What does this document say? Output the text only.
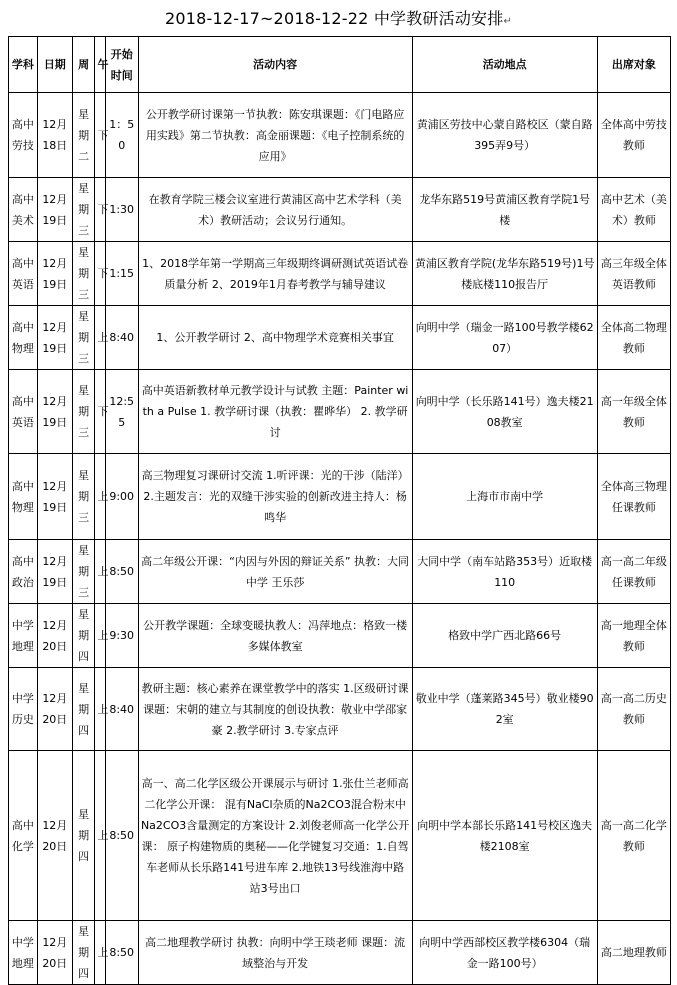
2018-12-17~2018-12-22 中学教研活动安排↵
学科	日期	周	午	开始时间	活动内容	活动地点	出席对象
高中劳技	12月18日	星期二	下	1：50	公开教学研讨课第一节执教：陈安琪课题：《门电路应用实践》第二节执教：高金丽课题：《电子控制系统的应用》	黄浦区劳技中心蒙自路校区（蒙自路395弄9号）	全体高中劳技教师
高中美术	12月19日	星期三	下	1:30	在教育学院三楼会议室进行黄浦区高中艺术学科（美术）教研活动；会议另行通知。	龙华东路519号黄浦区教育学院1号楼	高中艺术（美术）教师
高中英语	12月19日	星期三	下	1:15	1、2018学年第一学期高三年级期终调研测试英语试卷质量分析 2、2019年1月春考教学与辅导建议	黄浦区教育学院(龙华东路519号)1号楼底楼110报告厅	高三年级全体英语教师
高中物理	12月19日	星期三	上	8:40	1、公开教学研讨 2、高中物理学术竞赛相关事宜	向明中学（瑞金一路100号教学楼6207）	全体高二物理教师
高中英语	12月19日	星期三	下	12:55	高中英语新教材单元教学设计与试教 主题：Painter with a Pulse 1. 教学研讨课（执教：瞿晔华） 2. 教学研讨	向明中学（长乐路141号）逸夫楼2108教室	高一年级全体教师
高中物理	12月19日	星期三	上	9:00	高三物理复习课研讨交流 1.听评课：光的干涉（陆洋） 2.主题发言：光的双缝干涉实验的创新改进主持人：杨鸣华	上海市市南中学	全体高三物理任课教师
高中政治	12月19日	星期三	上	8:50	高二年级公开课：“内因与外因的辩证关系” 执教：大同中学 王乐莎	大同中学（南车站路353号）近取楼110	高一高二年级任课教师
中学地理	12月20日	星期四	上	9:30	公开教学课题：全球变暖执教人：冯萍地点：格致一楼多媒体教室	格致中学广西北路66号	高一地理全体教师
中学历史	12月20日	星期四	上	8:40	教研主题：核心素养在课堂教学中的落实 1.区级研讨课课题：宋朝的建立与其制度的创设执教：敬业中学邵家豪 2.教学研讨 3.专家点评	敬业中学（蓬莱路345号）敬业楼902室	高一高二历史教师
高中化学	12月20日	星期四	上	8:50	高一、高二化学区级公开课展示与研讨 1.张仕兰老师高二化学公开课： 混有NaCl杂质的Na2CO3混合粉末中Na2CO3含量测定的方案设计 2.刘俊老师高一化学公开课： 原子构建物质的奥秘——化学键复习交通：1.自驾车老师从长乐路141号进车库 2.地铁13号线淮海中路站3号出口	向明中学本部长乐路141号校区逸夫楼2108室	高一高二化学教师
中学地理	12月20日	星期四	上	8:50	高二地理教学研讨 执教：向明中学王琰老师 课题：流域整治与开发	向明中学西部校区教学楼6304（瑞金一路100号）	高二地理教师
